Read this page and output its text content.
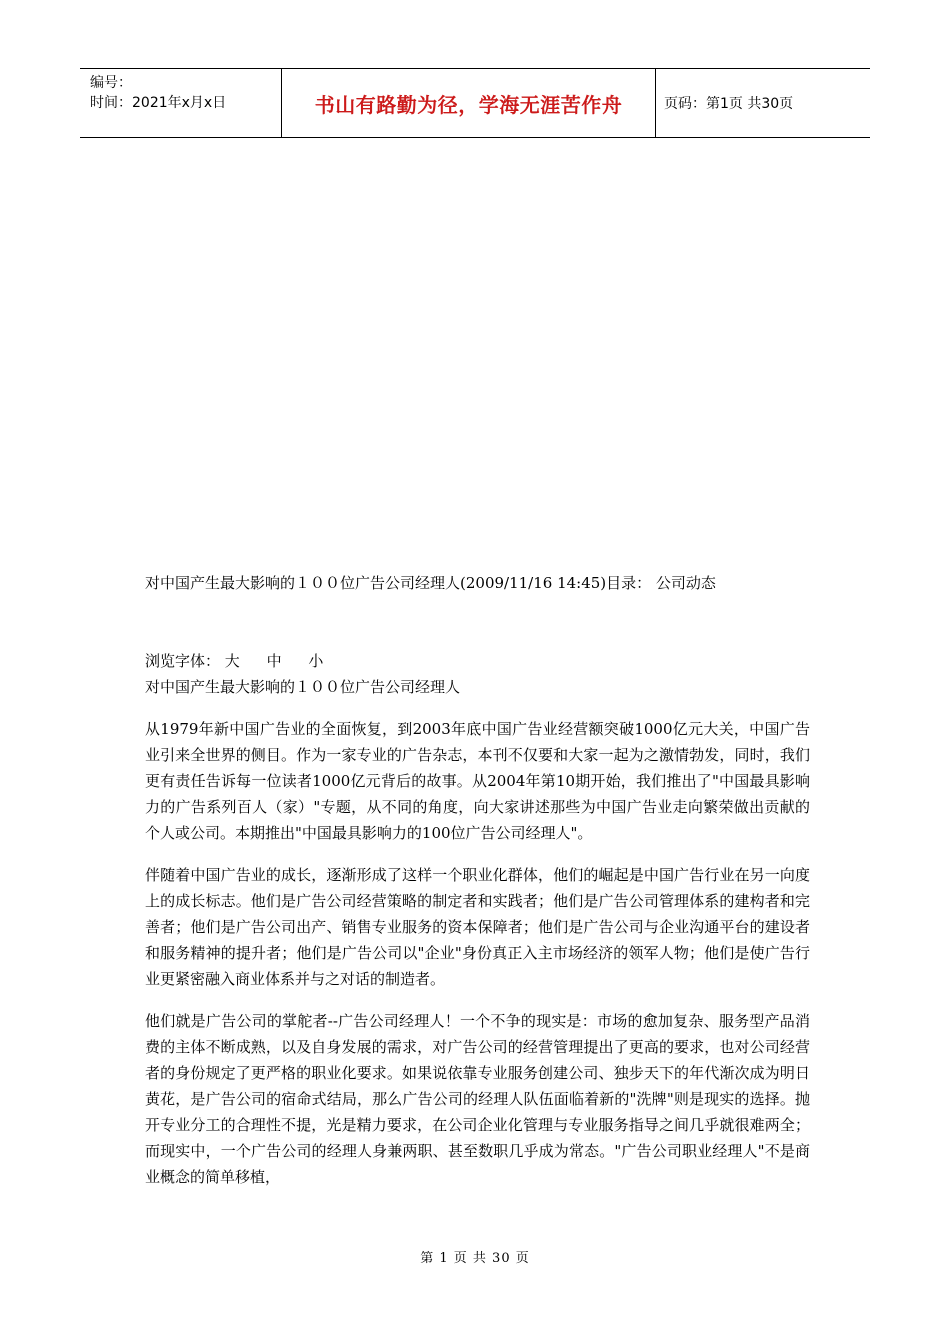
编号：
时间：2021年x月x日	书山有路勤为径，学海无涯苦作舟	页码：第1页 共30页

对中国产生最大影响的１００位广告公司经理人(2009/11/16 14:45)目录： 公司动态

浏览字体： 大 中 小

对中国产生最大影响的１００位广告公司经理人

从1979年新中国广告业的全面恢复，到2003年底中国广告业经营额突破1000亿元大关，中国广告业引来全世界的侧目。作为一家专业的广告杂志，本刊不仅要和大家一起为之激情勃发，同时，我们更有责任告诉每一位读者1000亿元背后的故事。从2004年第10期开始，我们推出了"中国最具影响力的广告系列百人（家）"专题，从不同的角度，向大家讲述那些为中国广告业走向繁荣做出贡献的个人或公司。本期推出"中国最具影响力的100位广告公司经理人"。

伴随着中国广告业的成长，逐渐形成了这样一个职业化群体，他们的崛起是中国广告行业在另一向度上的成长标志。他们是广告公司经营策略的制定者和实践者；他们是广告公司管理体系的建构者和完善者；他们是广告公司出产、销售专业服务的资本保障者；他们是广告公司与企业沟通平台的建设者和服务精神的提升者；他们是广告公司以"企业"身份真正入主市场经济的领军人物；他们是使广告行业更紧密融入商业体系并与之对话的制造者。

他们就是广告公司的掌舵者--广告公司经理人！一个不争的现实是：市场的愈加复杂、服务型产品消费的主体不断成熟，以及自身发展的需求，对广告公司的经营管理提出了更高的要求，也对公司经营者的身份规定了更严格的职业化要求。如果说依靠专业服务创建公司、独步天下的年代渐次成为明日黄花，是广告公司的宿命式结局，那么广告公司的经理人队伍面临着新的"洗牌"则是现实的选择。抛开专业分工的合理性不提，光是精力要求，在公司企业化管理与专业服务指导之间几乎就很难两全；而现实中，一个广告公司的经理人身兼两职、甚至数职几乎成为常态。"广告公司职业经理人"不是商业概念的简单移植，

第 1 页 共 30 页
